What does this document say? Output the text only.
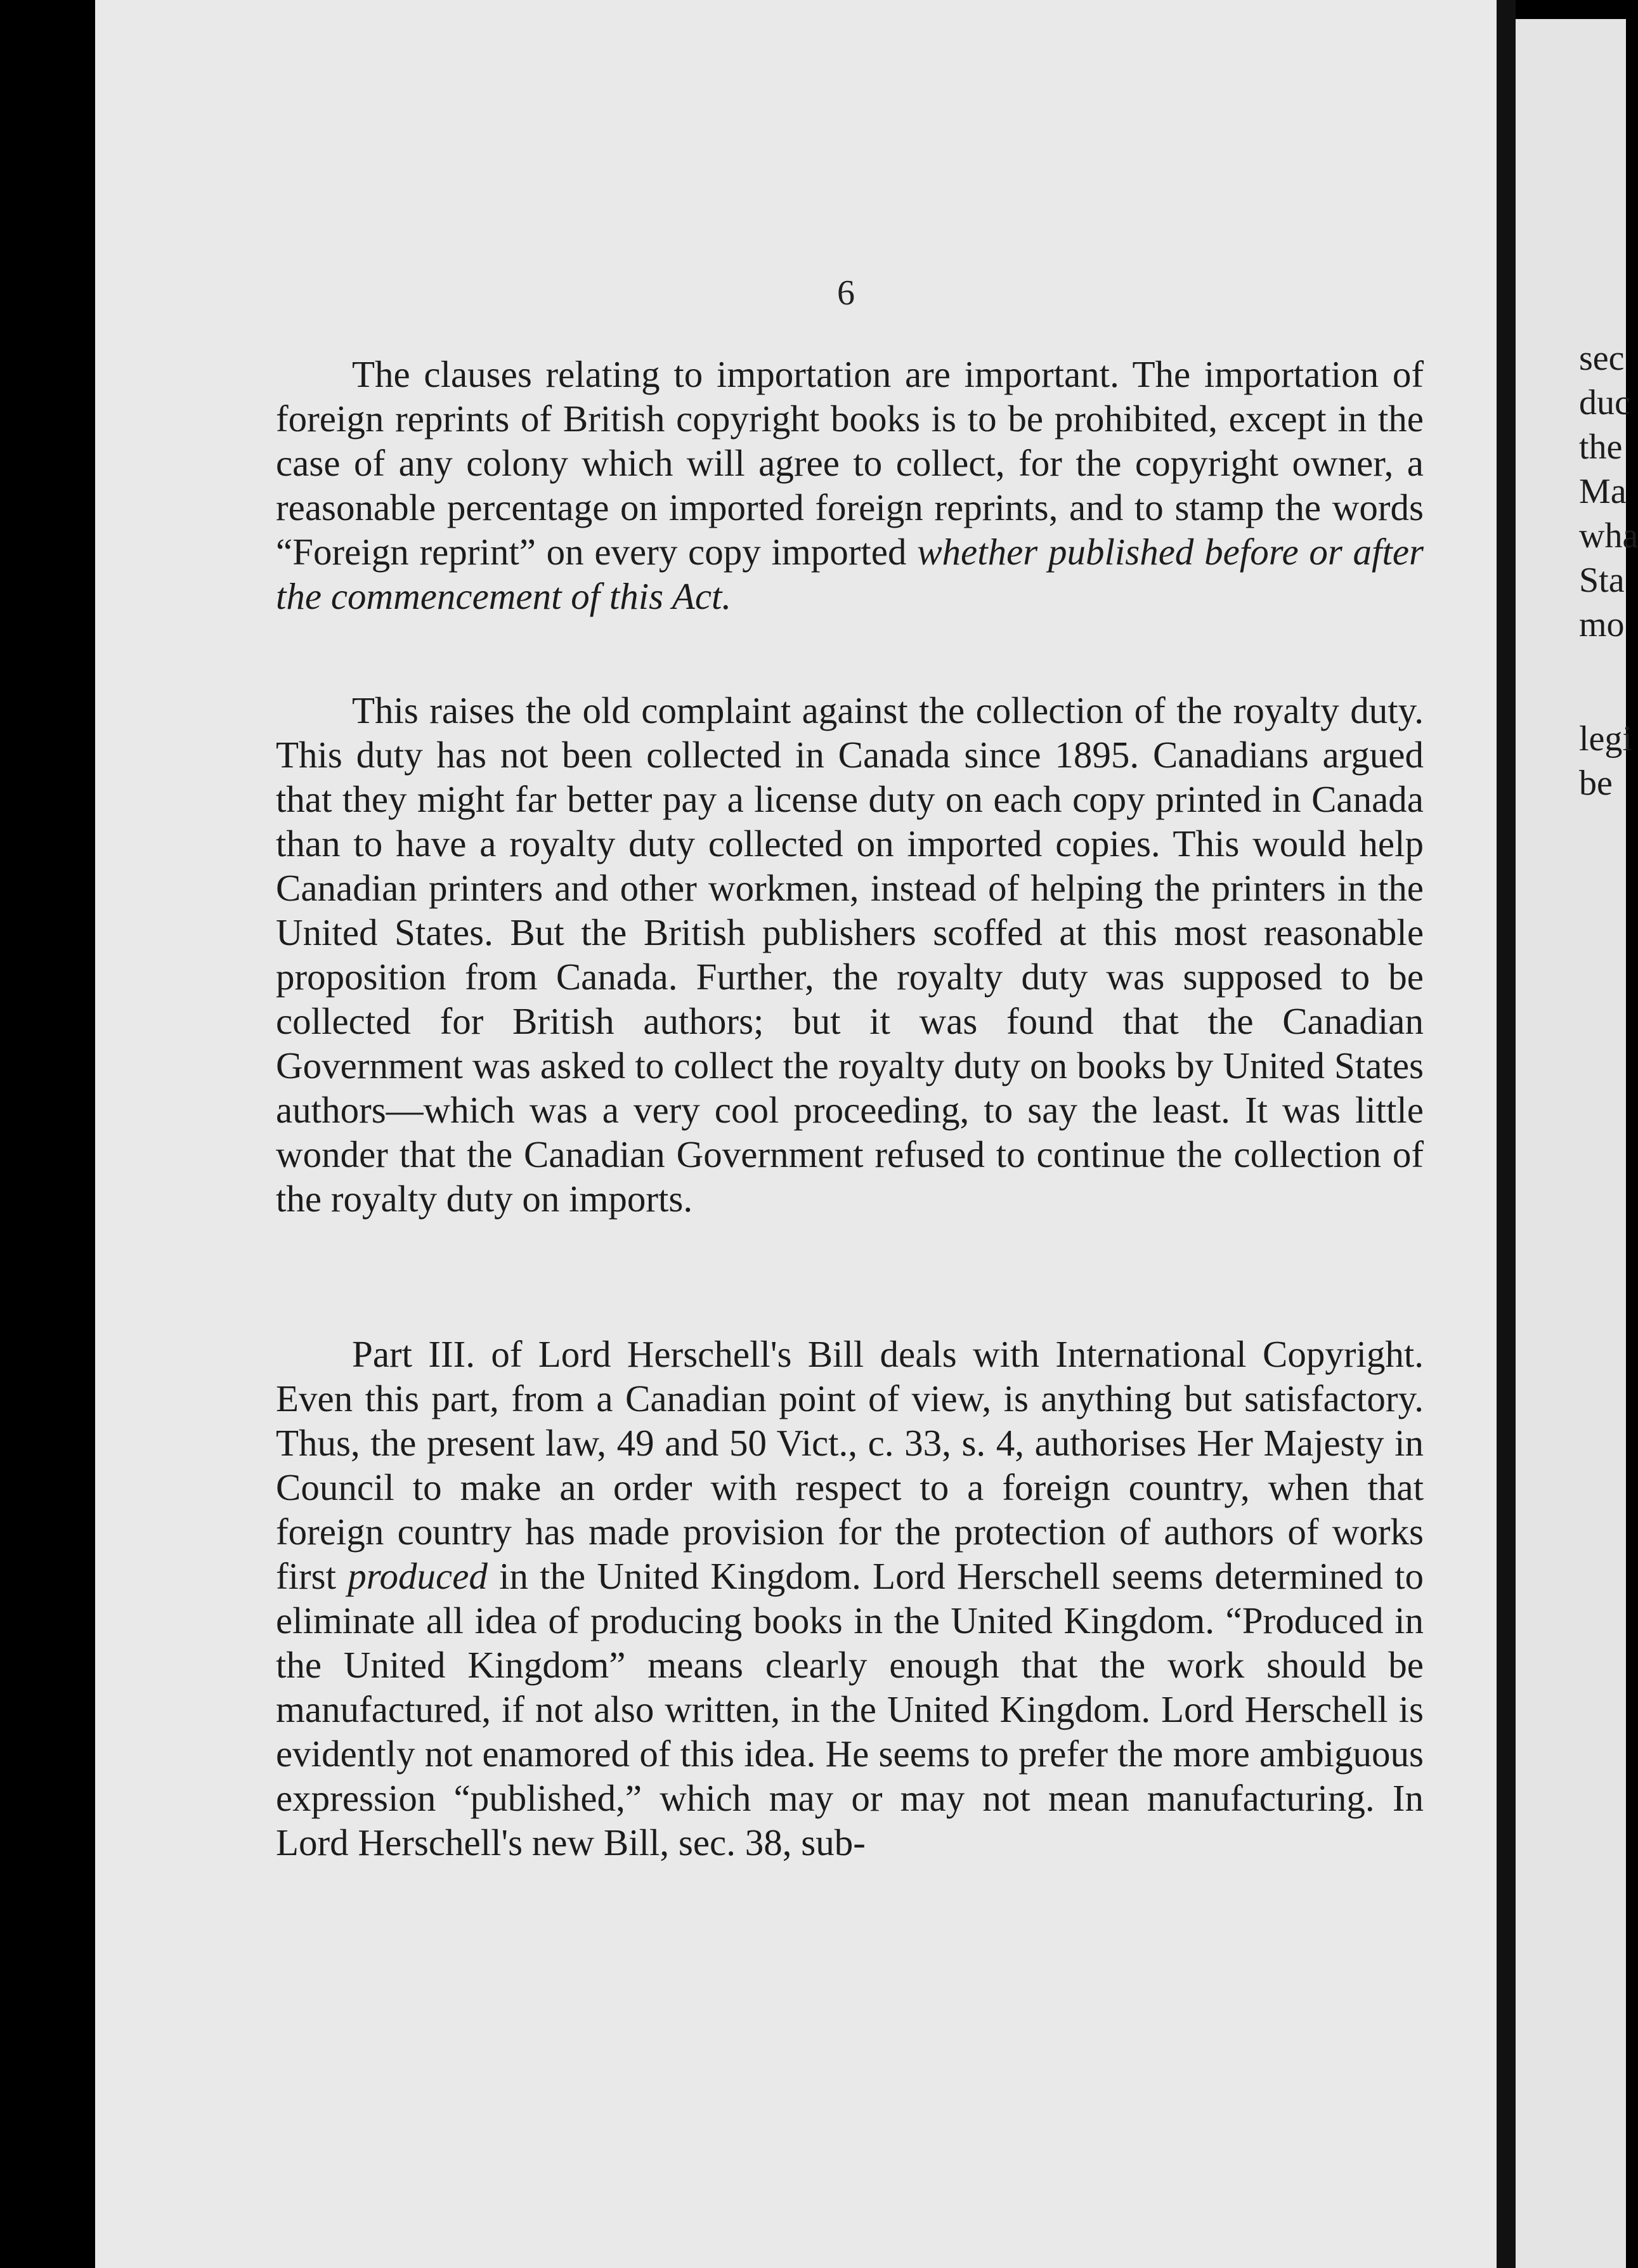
6

The clauses relating to importation are important. The importation of foreign reprints of British copyright books is to be prohibited, except in the case of any colony which will agree to collect, for the copyright owner, a reasonable percentage on imported foreign reprints, and to stamp the words “Foreign reprint” on every copy imported whether published before or after the commencement of this Act.

This raises the old complaint against the collection of the royalty duty. This duty has not been collected in Canada since 1895. Canadians argued that they might far better pay a license duty on each copy printed in Canada than to have a royalty duty collected on imported copies. This would help Canadian printers and other workmen, instead of helping the printers in the United States. But the British publishers scoffed at this most reasonable proposition from Canada. Further, the royalty duty was supposed to be collected for British authors; but it was found that the Canadian Government was asked to collect the royalty duty on books by United States authors—which was a very cool proceeding, to say the least. It was little wonder that the Canadian Government refused to continue the collection of the royalty duty on imports.

Part III. of Lord Herschell's Bill deals with International Copyright. Even this part, from a Canadian point of view, is anything but satisfactory. Thus, the present law, 49 and 50 Vict., c. 33, s. 4, authorises Her Majesty in Council to make an order with respect to a foreign country, when that foreign country has made provision for the protection of authors of works first produced in the United Kingdom. Lord Herschell seems determined to eliminate all idea of producing books in the United Kingdom. “Produced in the United Kingdom” means clearly enough that the work should be manufactured, if not also written, in the United Kingdom. Lord Herschell is evidently not enamored of this idea. He seems to prefer the more ambiguous expression “published,” which may or may not mean manufacturing. In Lord Herschell's new Bill, sec. 38, sub-

sec
duc
the
Ma
wha
Sta
mo
legi
be
